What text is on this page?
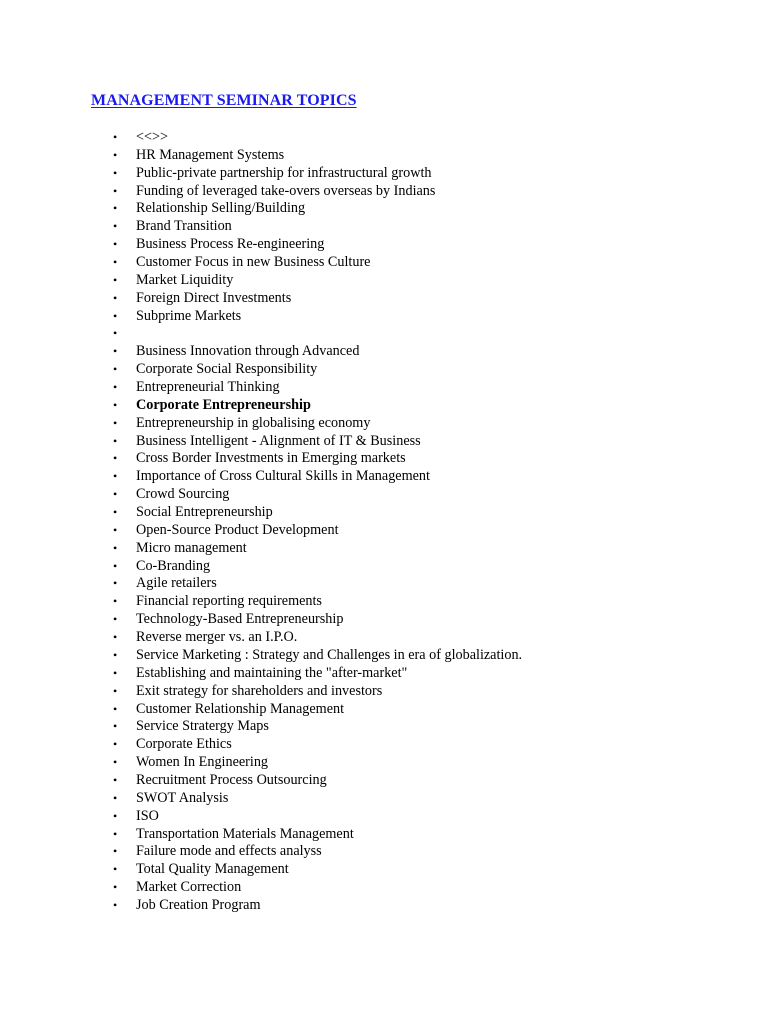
MANAGEMENT SEMINAR TOPICS
• <<>>
• HR Management Systems
• Public-private partnership for infrastructural growth
• Funding of leveraged take-overs overseas by Indians
• Relationship Selling/Building
• Brand Transition
• Business Process Re-engineering
• Customer Focus in new Business Culture
• Market Liquidity
• Foreign Direct Investments
• Subprime Markets
•
• Business Innovation through Advanced
• Corporate Social Responsibility
• Entrepreneurial Thinking
• Corporate Entrepreneurship
• Entrepreneurship in globalising economy
• Business Intelligent - Alignment of IT & Business
• Cross Border Investments in Emerging markets
• Importance of Cross Cultural Skills in Management
• Crowd Sourcing
• Social Entrepreneurship
• Open-Source Product Development
• Micro management
• Co-Branding
• Agile retailers
• Financial reporting requirements
• Technology-Based Entrepreneurship
• Reverse merger vs. an I.P.O.
• Service Marketing : Strategy and Challenges in era of globalization.
• Establishing and maintaining the "after-market"
• Exit strategy for shareholders and investors
• Customer Relationship Management
• Service Stratergy Maps
• Corporate Ethics
• Women In Engineering
• Recruitment Process Outsourcing
• SWOT Analysis
• ISO
• Transportation Materials Management
• Failure mode and effects analyss
• Total Quality Management
• Market Correction
• Job Creation Program
